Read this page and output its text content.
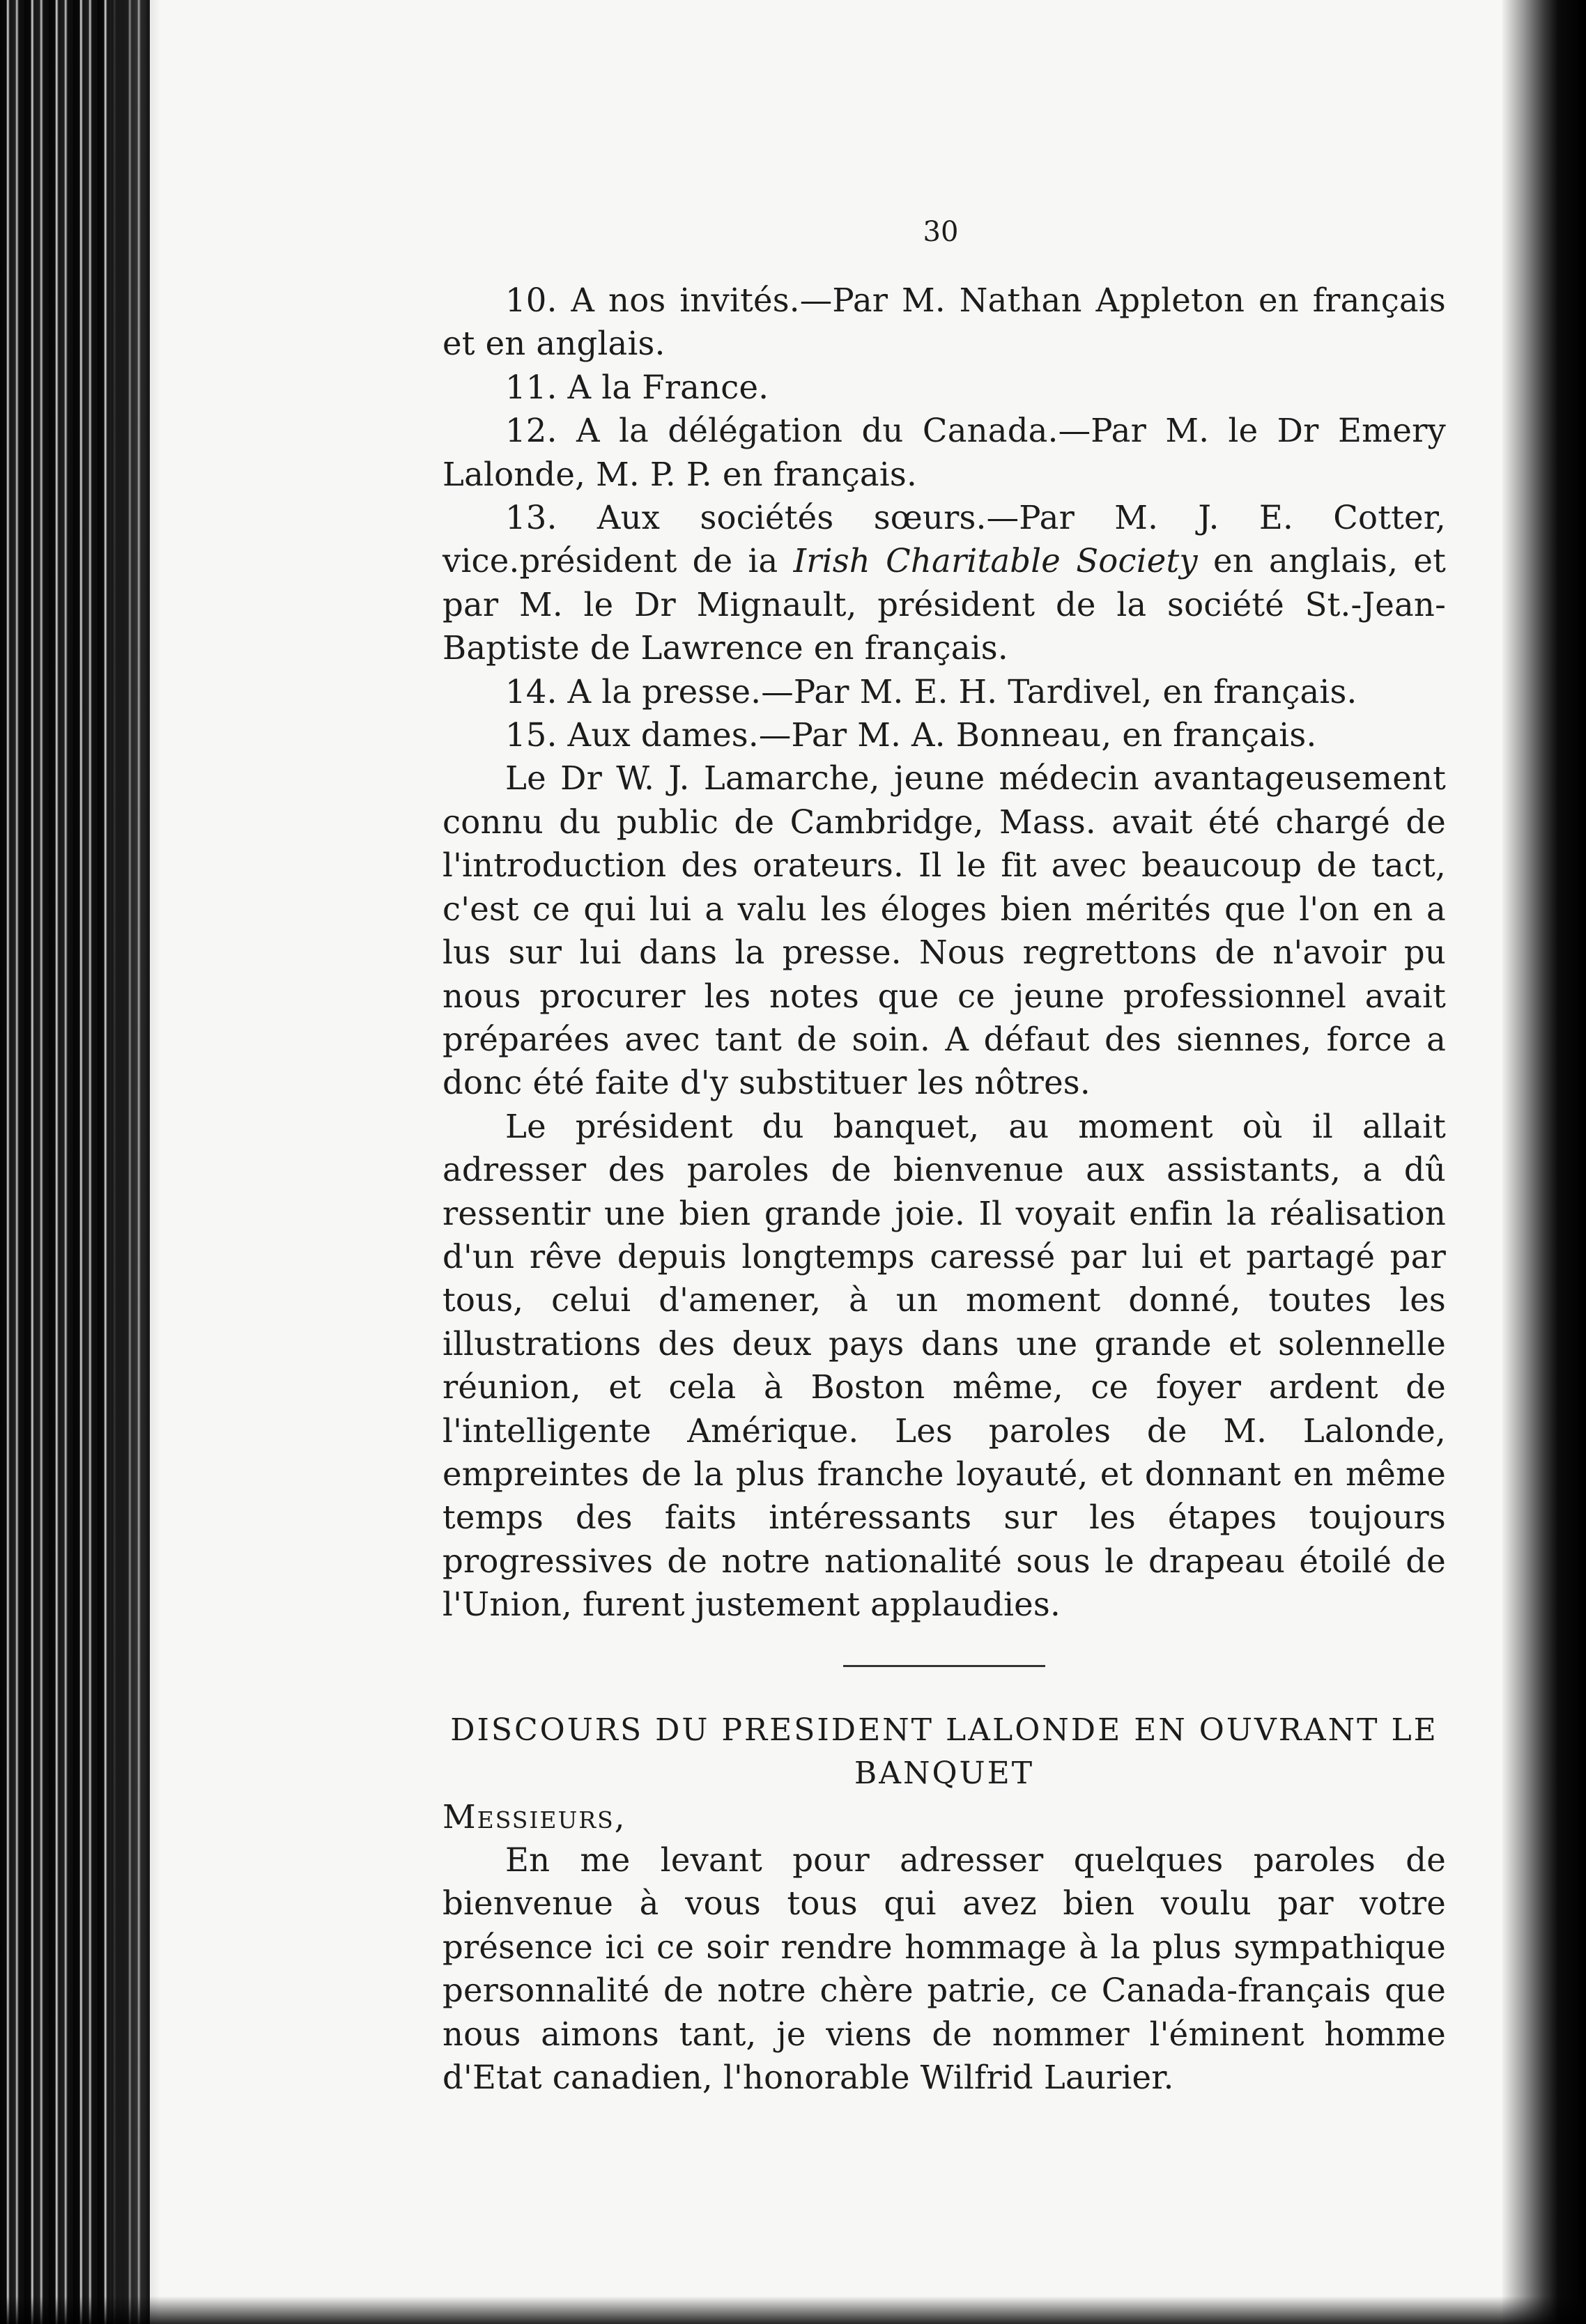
30

10. A nos invités.—Par M. Nathan Appleton en français et en anglais.

11. A la France.

12. A la délégation du Canada.—Par M. le Dr Emery Lalonde, M. P. P. en français.

13. Aux sociétés sœurs.—Par M. J. E. Cotter, vice.président de ia Irish Charitable Society en anglais, et par M. le Dr Mignault, président de la société St.-Jean-Baptiste de Lawrence en français.

14. A la presse.—Par M. E. H. Tardivel, en français.

15. Aux dames.—Par M. A. Bonneau, en français.

Le Dr W. J. Lamarche, jeune médecin avantageusement connu du public de Cambridge, Mass. avait été chargé de l'introduction des orateurs. Il le fit avec beaucoup de tact, c'est ce qui lui a valu les éloges bien mérités que l'on en a lus sur lui dans la presse. Nous regrettons de n'avoir pu nous procurer les notes que ce jeune professionnel avait préparées avec tant de soin. A défaut des siennes, force a donc été faite d'y substituer les nôtres.

Le président du banquet, au moment où il allait adresser des paroles de bienvenue aux assistants, a dû ressentir une bien grande joie. Il voyait enfin la réalisation d'un rêve depuis longtemps caressé par lui et partagé par tous, celui d'amener, à un moment donné, toutes les illustrations des deux pays dans une grande et solennelle réunion, et cela à Boston même, ce foyer ardent de l'intelligente Amérique. Les paroles de M. Lalonde, empreintes de la plus franche loyauté, et donnant en même temps des faits intéressants sur les étapes toujours progressives de notre nationalité sous le drapeau étoilé de l'Union, furent justement applaudies.

DISCOURS DU PRESIDENT LALONDE EN OUVRANT LE BANQUET

Messieurs,

En me levant pour adresser quelques paroles de bienvenue à vous tous qui avez bien voulu par votre présence ici ce soir rendre hommage à la plus sympathique personnalité de notre chère patrie, ce Canada-français que nous aimons tant, je viens de nommer l'éminent homme d'Etat canadien, l'honorable Wilfrid Laurier.
